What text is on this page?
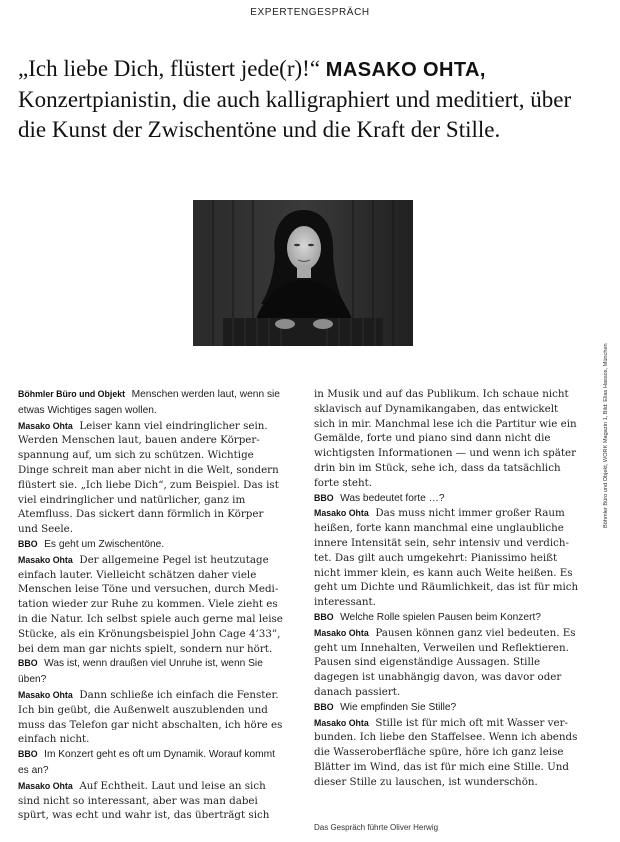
EXPERTENGESPRÄCH
„Ich liebe Dich, flüstert jede(r)!“ MASAKO OHTA, Konzertpianistin, die auch kalligraphiert und meditiert, über die Kunst der Zwischentöne und die Kraft der Stille.
Böhmler Büro und Objekt, WORK Magazin 1, Bild: Elias Hassos, München

Böhmler Büro und Objekt Menschen werden laut, wenn sie etwas Wichtiges sagen wollen.

Masako Ohta Leiser kann viel eindringlicher sein. Werden Menschen laut, bauen andere Körperspannung auf, um sich zu schützen. Wichtige Dinge schreit man aber nicht in die Welt, sondern flüstert sie. „Ich liebe Dich“, zum Beispiel. Das ist viel eindringlicher und natürlicher, ganz im Atemfluss. Das sickert dann förmlich in Körper und Seele.

BBO Es geht um Zwischentöne.

Masako Ohta Der allgemeine Pegel ist heutzutage einfach lauter. Vielleicht schätzen daher viele Menschen leise Töne und versuchen, durch Meditation wieder zur Ruhe zu kommen. Viele zieht es in die Natur. Ich selbst spiele auch gerne mal leise Stücke, als ein Krönungsbeispiel John Cage 4’33”, bei dem man gar nichts spielt, sondern nur hört.

BBO Was ist, wenn draußen viel Unruhe ist, wenn Sie üben?

Masako Ohta Dann schließe ich einfach die Fenster. Ich bin geübt, die Außenwelt auszublenden und muss das Telefon gar nicht abschalten, ich höre es einfach nicht.

BBO Im Konzert geht es oft um Dynamik. Worauf kommt es an?

Masako Ohta Auf Echtheit. Laut und leise an sich sind nicht so interessant, aber was man dabei spürt, was echt und wahr ist, das überträgt sich

in Musik und auf das Publikum. Ich schaue nicht sklavisch auf Dynamikangaben, das entwickelt sich in mir. Manchmal lese ich die Partitur wie ein Gemälde, forte und piano sind dann nicht die wichtigsten Informationen — und wenn ich später drin bin im Stück, sehe ich, dass da tatsächlich forte steht.

BBO Was bedeutet forte …?

Masako Ohta Das muss nicht immer großer Raum heißen, forte kann manchmal eine unglaubliche innere Intensität sein, sehr intensiv und verdichtet. Das gilt auch umgekehrt: Pianissimo heißt nicht immer klein, es kann auch Weite heißen. Es geht um Dichte und Räumlichkeit, das ist für mich interessant.

BBO Welche Rolle spielen Pausen beim Konzert?

Masako Ohta Pausen können ganz viel bedeuten. Es geht um Innehalten, Verweilen und Reflektieren. Pausen sind eigenständige Aussagen. Stille dagegen ist unabhängig davon, was davor oder danach passiert.

BBO Wie empfinden Sie Stille?

Masako Ohta Stille ist für mich oft mit Wasser verbunden. Ich liebe den Staffelsee. Wenn ich abends die Wasseroberfläche spüre, höre ich ganz leise Blätter im Wind, das ist für mich eine Stille. Und dieser Stille zu lauschen, ist wunderschön.

Das Gespräch führte Oliver Herwig
